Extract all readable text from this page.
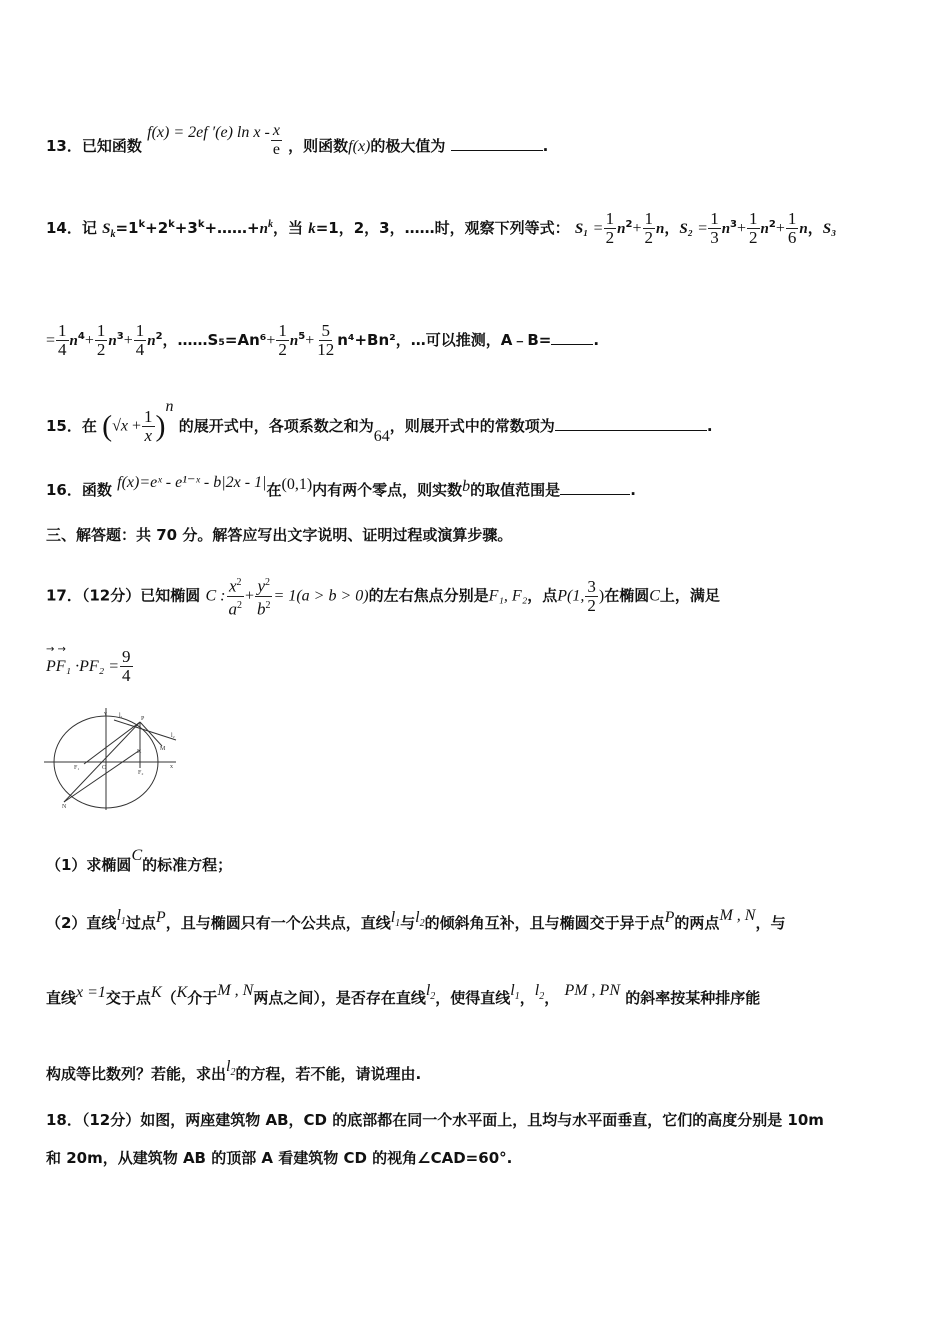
13．已知函数 f(x) = 2ef ′(e) ln x - $\frac{x}{e}$ ，则函数f(x)的极大值为	.
14．记 $S_k=1^k+2^k+3^k+\dots\dots+n^k$，当 k=1，2，3，……时，观察下列等式： $S_1 = \frac{1}{2} n^2+ \frac{1}{2}$ n，$S_2 = \frac{1}{3} n^3+ \frac{1}{2} n^2+ \frac{1}{6}$ n，S₃
= $\frac{1}{4} n^4+ \frac{1}{2} n^3+ \frac{1}{4} n^2$，……S₅=An⁶+ $\frac{1}{2} n^5+ \frac{5}{12} n^4+Bn^2$，…可以推测，A﹣B=	.
15．在 $(√x + \frac{1}{x} )^n$ 的展开式中，各项系数之和为64，则展开式中的常数项为	.
16．函数 f(x)=eˣ - e¹⁻ˣ - b|2x - 1|在(0,1)内有两个零点，则实数b的取值范围是	.
三、解答题：共 70 分。解答应写出文字说明、证明过程或演算步骤。
17．（12分）已知椭圆 C : $\frac{x^2}{a^2} + \frac{y^2}{b^2} = 1(a > b > 0)$的左右焦点分别是F₁, F₂，点P(1, $\frac{3}{2}$ )在椭圆C上，满足
→ →
$PF_1 \cdot PF_2 = \frac{9}{4}$
y l₁	P
l₂
M
K
F₁	O
F₂
x
N
（1）求椭圆C的标准方程；
（2）直线$l_1$过点P，且与椭圆只有一个公共点，直线$l_1$与$l_2$的倾斜角互补，且与椭圆交于异于点P的两点M , N，与
直线x =1交于点K（K介于M , N两点之间），是否存在直线$l_2$，使得直线$l_1$，$l_2$， PM , PN 的斜率按某种排序能
构成等比数列？若能，求出$l_2$的方程，若不能，请说理由.
18．（12分）如图，两座建筑物 AB，CD 的底部都在同一个水平面上，且均与水平面垂直，它们的高度分别是 10m
和 20m，从建筑物 AB 的顶部 A 看建筑物 CD 的视角∠CAD=60°.
